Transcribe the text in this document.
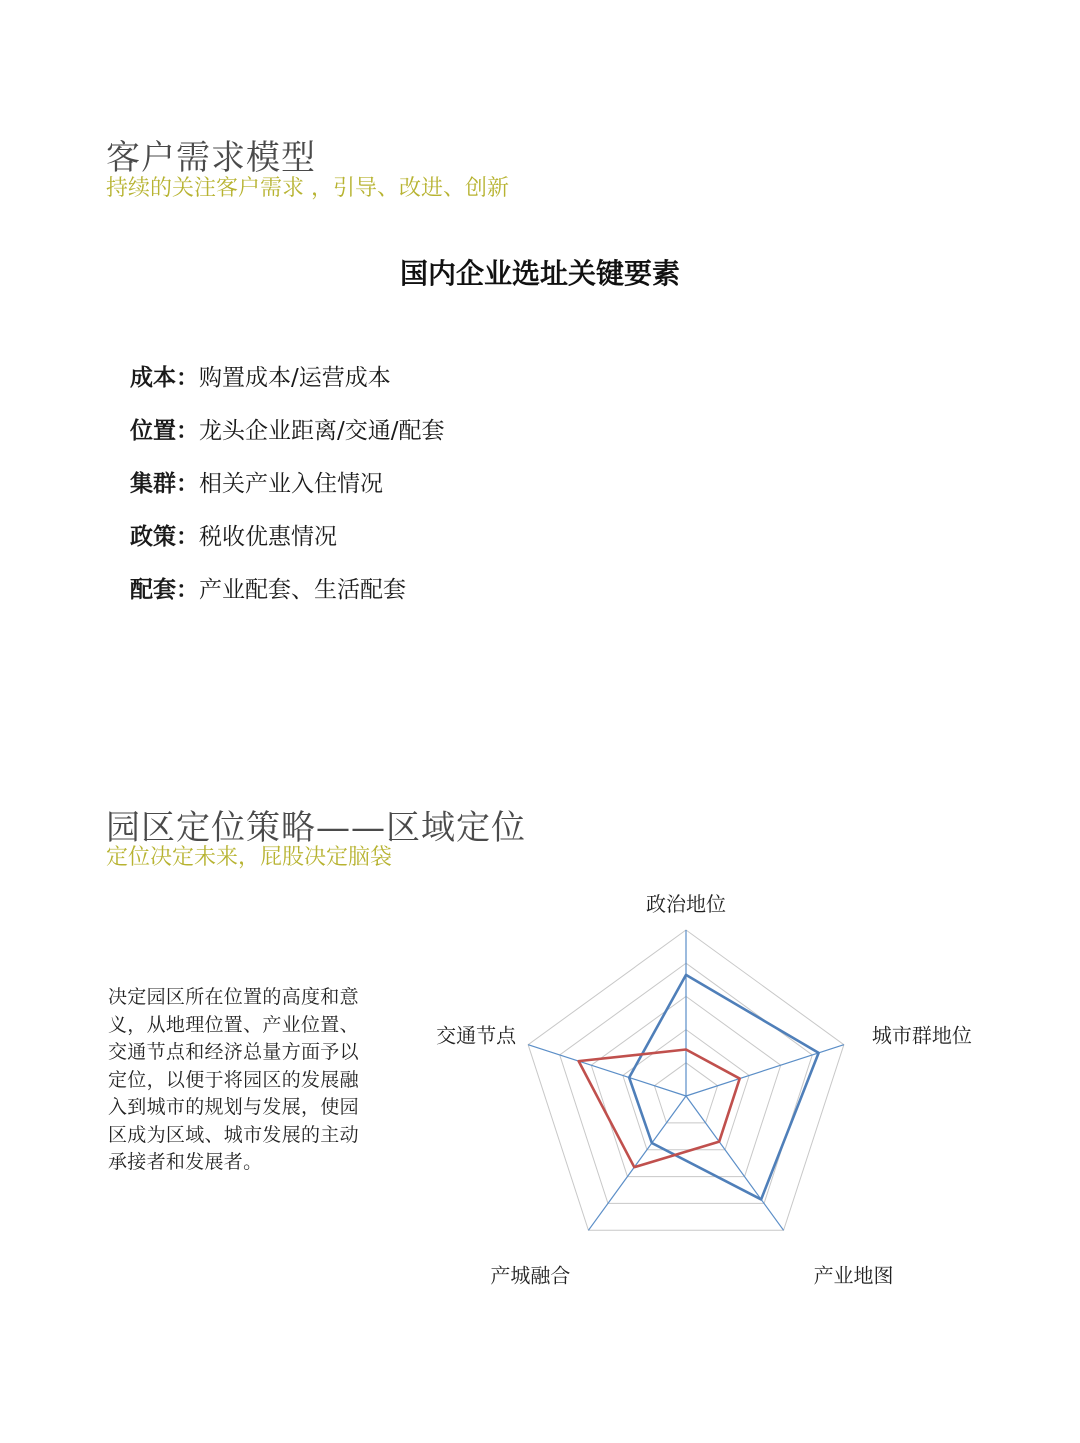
客户需求模型
持续的关注客户需求 ，引导、改进、创新
国内企业选址关键要素
成本：购置成本/运营成本
位置：龙头企业距离/交通/配套
集群：相关产业入住情况
政策：税收优惠情况
配套：产业配套、生活配套
园区定位策略——区域定位
定位决定未来，屁股决定脑袋
决定园区所在位置的高度和意义，从地理位置、产业位置、交通节点和经济总量方面予以定位，以便于将园区的发展融入到城市的规划与发展，使园区成为区域、城市发展的主动承接者和发展者。
政治地位
城市群地位
产业地图
产城融合
交通节点
